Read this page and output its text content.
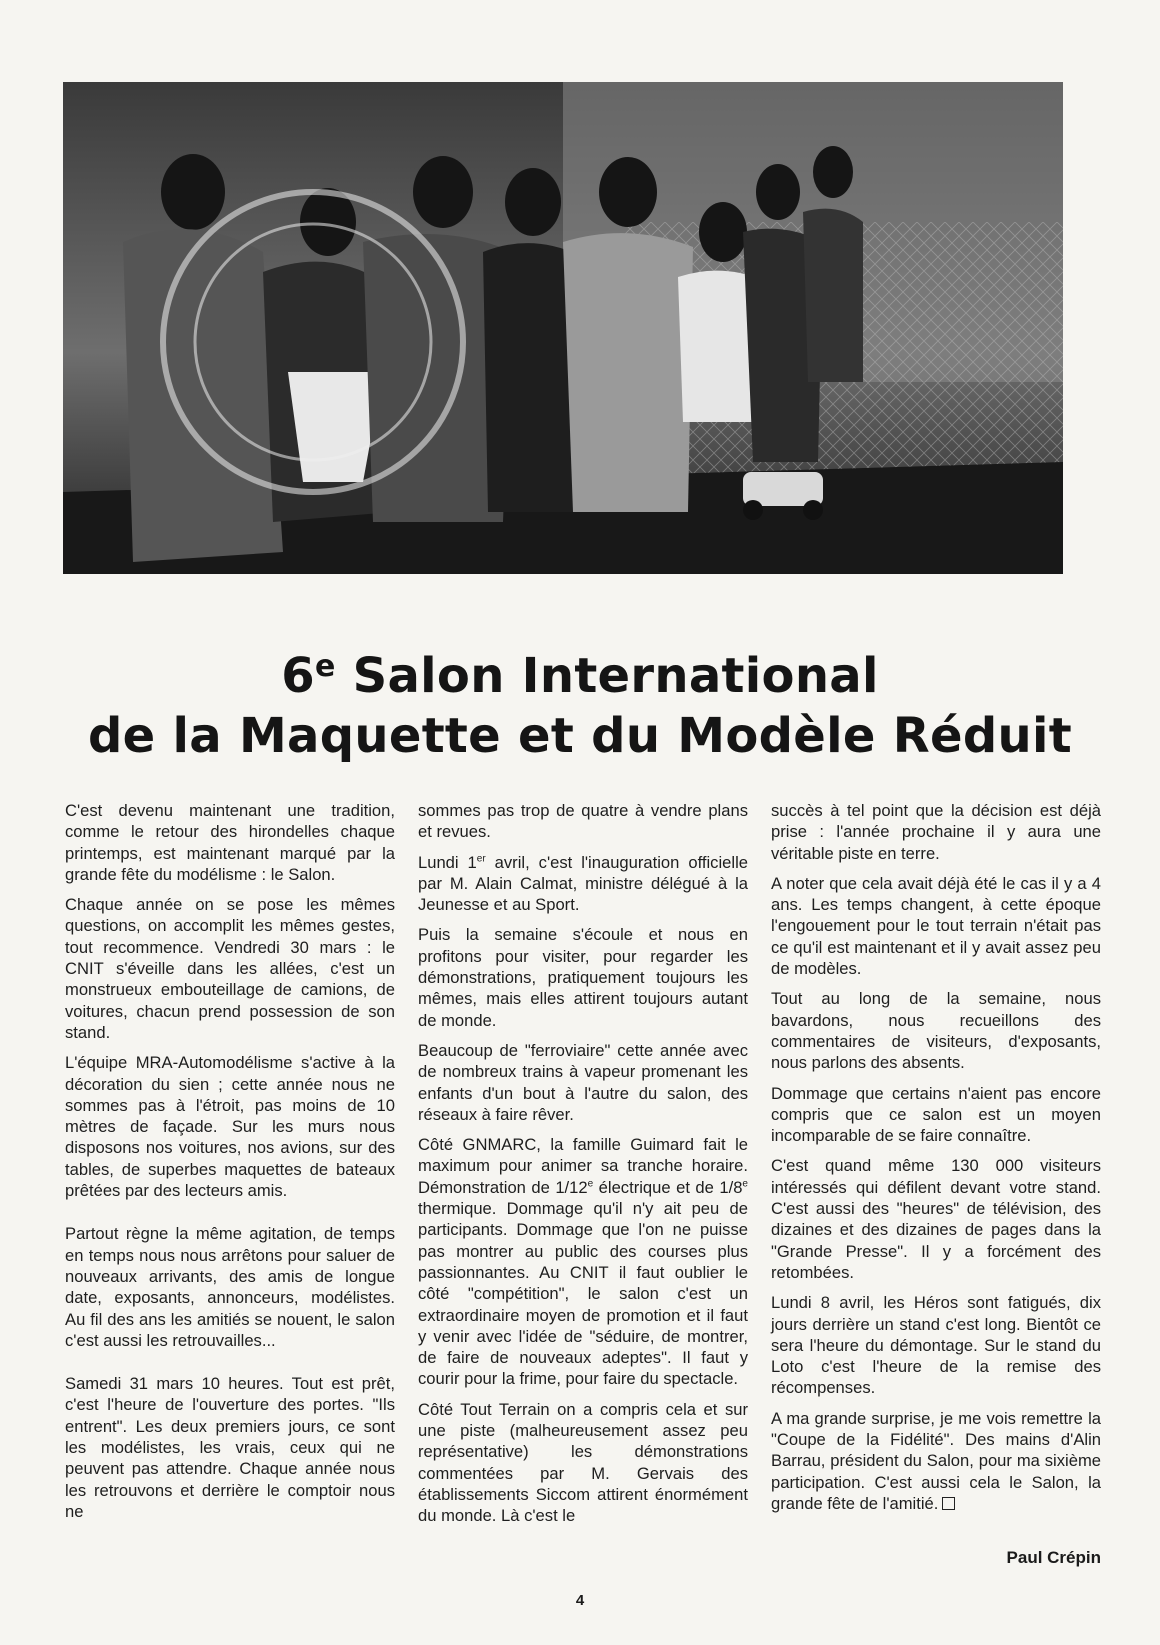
6e Salon International
de la Maquette et du Modèle Réduit

C'est devenu maintenant une tradition, comme le retour des hirondelles chaque printemps, est maintenant marqué par la grande fête du modélisme : le Salon.

Chaque année on se pose les mêmes questions, on accomplit les mêmes gestes, tout recommence. Vendredi 30 mars : le CNIT s'éveille dans les allées, c'est un monstrueux embouteillage de camions, de voitures, chacun prend possession de son stand.

L'équipe MRA-Automodélisme s'active à la décoration du sien ; cette année nous ne sommes pas à l'étroit, pas moins de 10 mètres de façade. Sur les murs nous disposons nos voitures, nos avions, sur des tables, de superbes maquettes de bateaux prêtées par des lecteurs amis.

Partout règne la même agitation, de temps en temps nous nous arrêtons pour saluer de nouveaux arrivants, des amis de longue date, exposants, annonceurs, modélistes. Au fil des ans les amitiés se nouent, le salon c'est aussi les retrouvailles...

Samedi 31 mars 10 heures. Tout est prêt, c'est l'heure de l'ouverture des portes. "Ils entrent". Les deux premiers jours, ce sont les modélistes, les vrais, ceux qui ne peuvent pas attendre. Chaque année nous les retrouvons et derrière le comptoir nous ne

sommes pas trop de quatre à vendre plans et revues.

Lundi 1er avril, c'est l'inauguration officielle par M. Alain Calmat, ministre délégué à la Jeunesse et au Sport.

Puis la semaine s'écoule et nous en profitons pour visiter, pour regarder les démonstrations, pratiquement toujours les mêmes, mais elles attirent toujours autant de monde.

Beaucoup de "ferroviaire" cette année avec de nombreux trains à vapeur promenant les enfants d'un bout à l'autre du salon, des réseaux à faire rêver.

Côté GNMARC, la famille Guimard fait le maximum pour animer sa tranche horaire. Démonstration de 1/12e électrique et de 1/8e thermique. Dommage qu'il n'y ait peu de participants. Dommage que l'on ne puisse pas montrer au public des courses plus passionnantes. Au CNIT il faut oublier le côté "compétition", le salon c'est un extraordinaire moyen de promotion et il faut y venir avec l'idée de "séduire, de montrer, de faire de nouveaux adeptes". Il faut y courir pour la frime, pour faire du spectacle.

Côté Tout Terrain on a compris cela et sur une piste (malheureusement assez peu représentative) les démonstrations commentées par M. Gervais des établissements Siccom attirent énormément du monde. Là c'est le

succès à tel point que la décision est déjà prise : l'année prochaine il y aura une véritable piste en terre.

A noter que cela avait déjà été le cas il y a 4 ans. Les temps changent, à cette époque l'engouement pour le tout terrain n'était pas ce qu'il est maintenant et il y avait assez peu de modèles.

Tout au long de la semaine, nous bavardons, nous recueillons des commentaires de visiteurs, d'exposants, nous parlons des absents.

Dommage que certains n'aient pas encore compris que ce salon est un moyen incomparable de se faire connaître.

C'est quand même 130 000 visiteurs intéressés qui défilent devant votre stand. C'est aussi des "heures" de télévision, des dizaines et des dizaines de pages dans la "Grande Presse". Il y a forcément des retombées.

Lundi 8 avril, les Héros sont fatigués, dix jours derrière un stand c'est long. Bientôt ce sera l'heure du démontage. Sur le stand du Loto c'est l'heure de la remise des récompenses.

A ma grande surprise, je me vois remettre la "Coupe de la Fidélité". Des mains d'Alin Barrau, président du Salon, pour ma sixième participation. C'est aussi cela le Salon, la grande fête de l'amitié.

Paul Crépin
4
